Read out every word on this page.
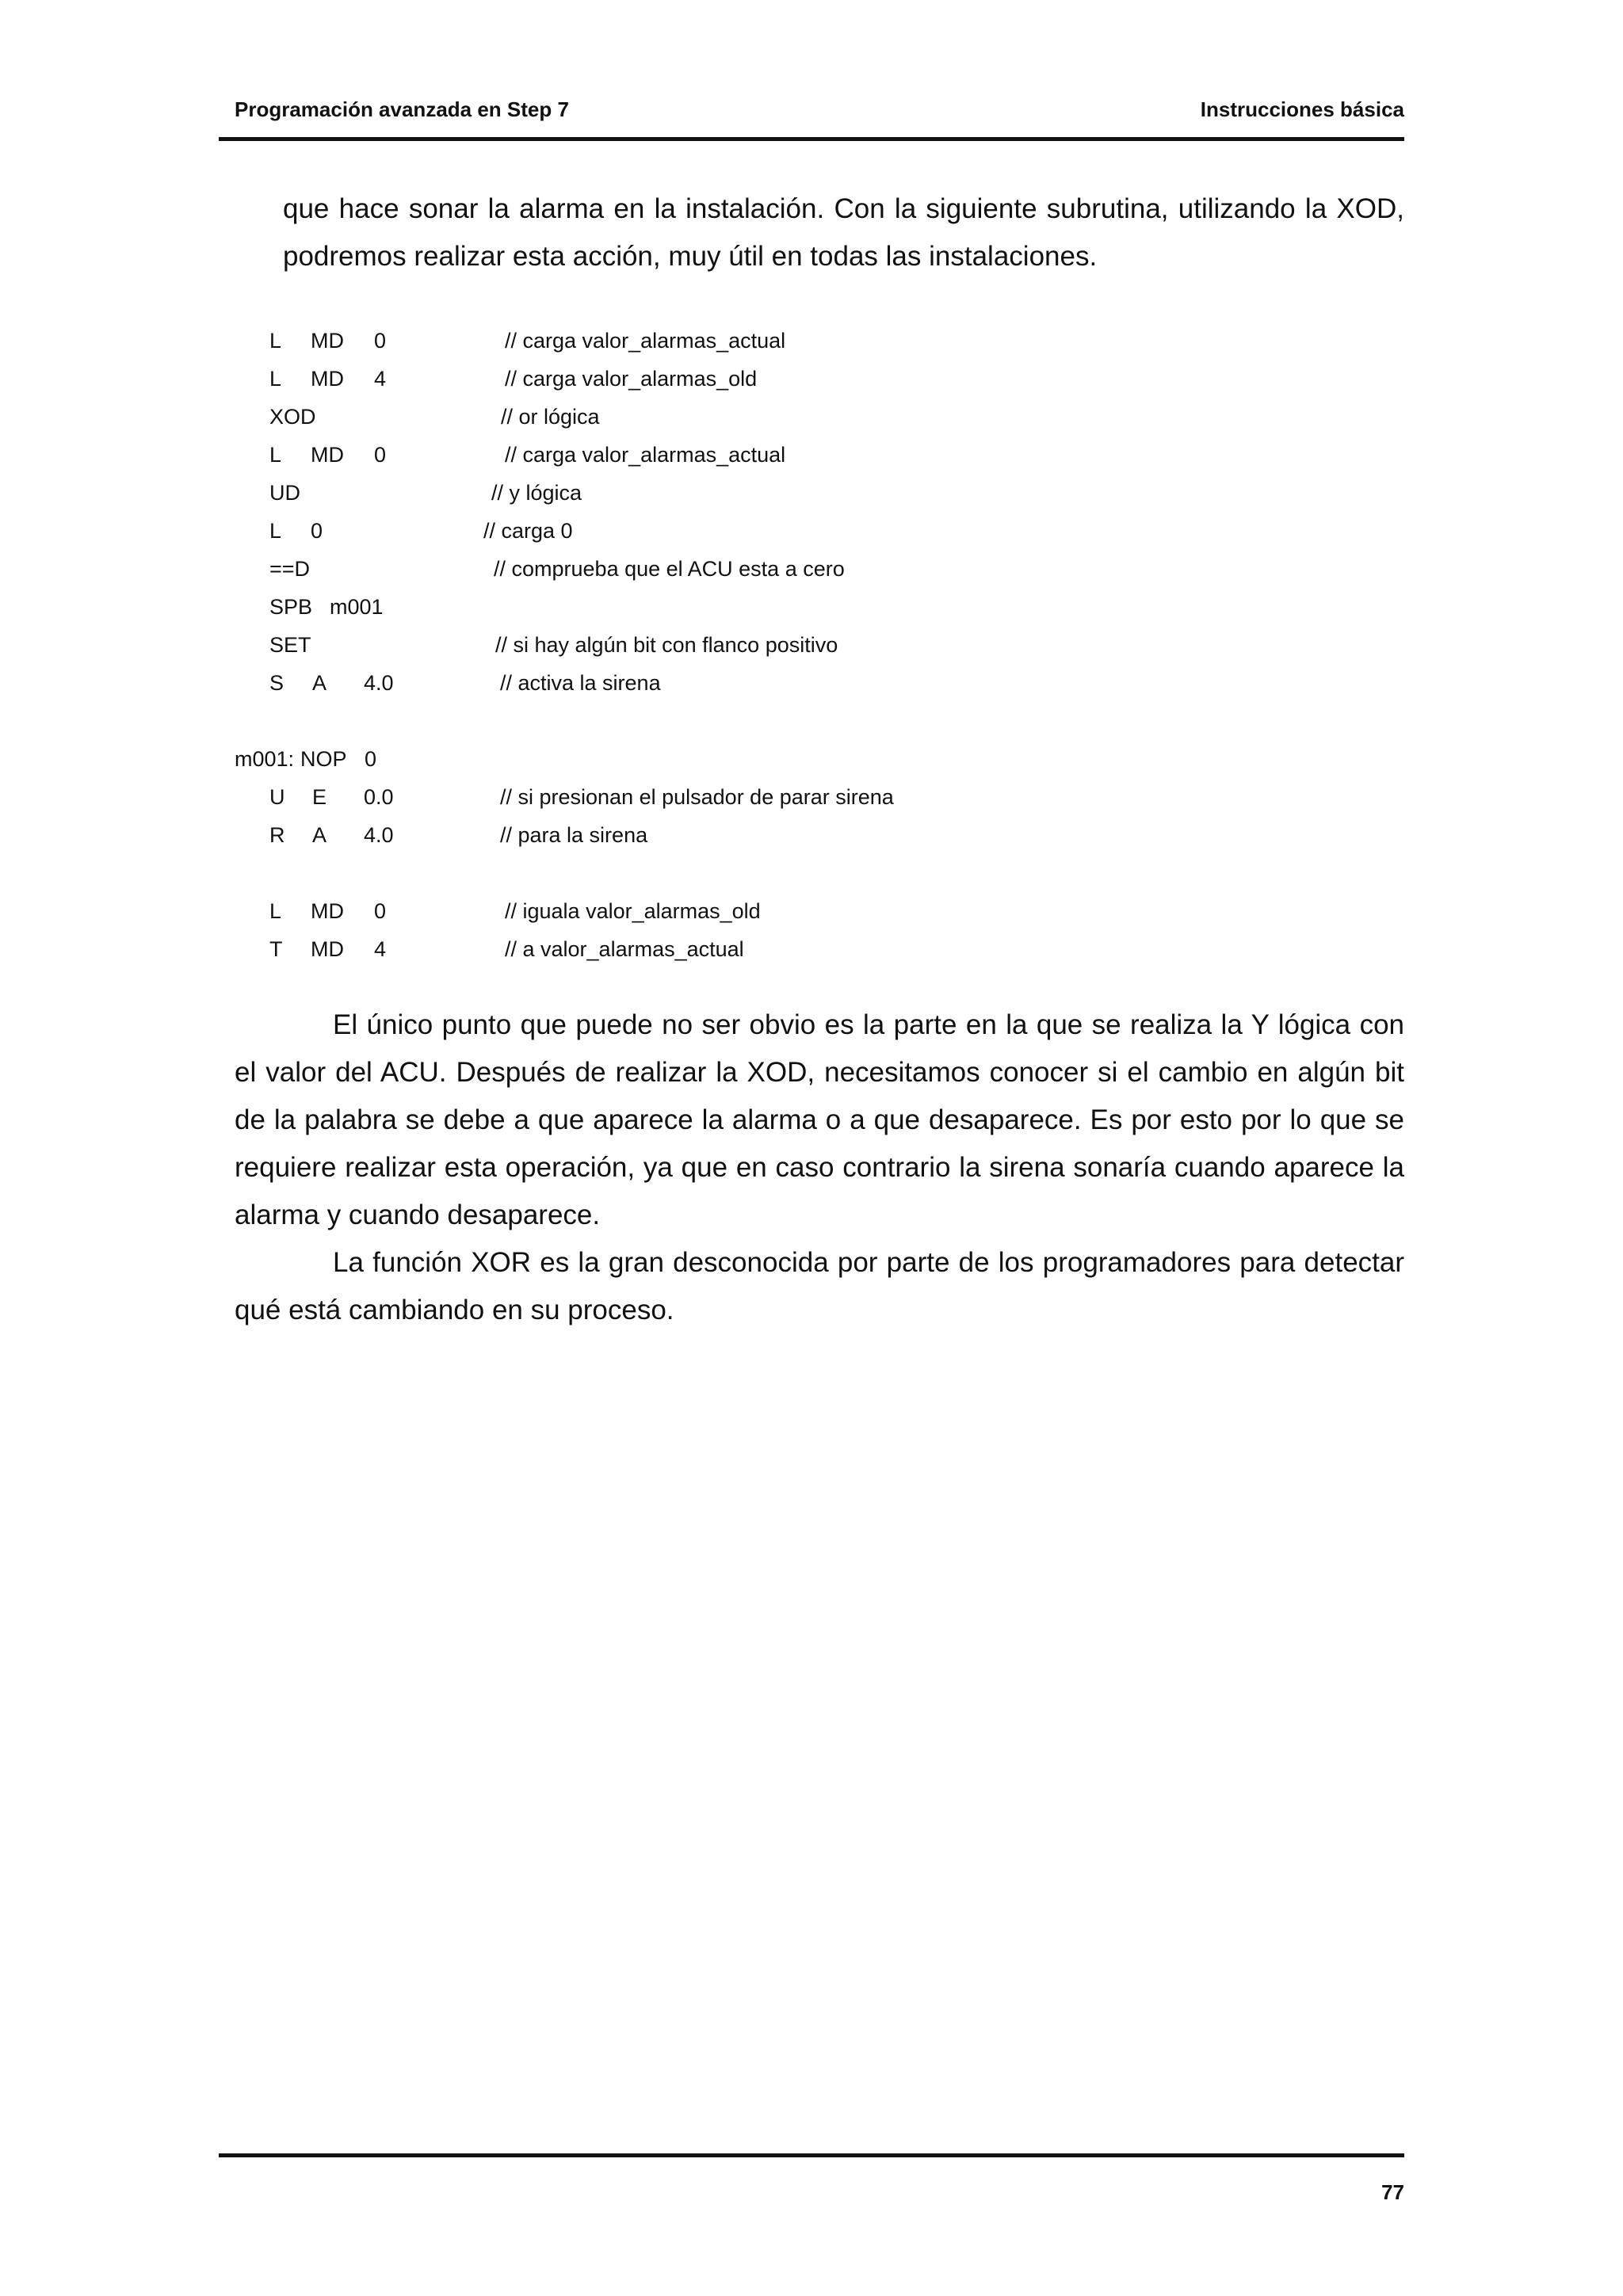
Programación avanzada en Step 7	Instrucciones básica

que hace sonar la alarma en la instalación. Con la siguiente subrutina, utilizando la XOD, podremos realizar esta acción, muy útil en todas las instalaciones.

L MD 0	// carga valor_alarmas_actual
L MD 4	// carga valor_alarmas_old
XOD	// or lógica
L MD 0	// carga valor_alarmas_actual
UD	// y lógica
L 0	// carga 0
==D	// comprueba que el ACU esta a cero
SPB m001
SET	// si hay algún bit con flanco positivo
S A 4.0	// activa la sirena
m001: NOP 0
U E 0.0	// si presionan el pulsador de parar sirena
R A 4.0	// para la sirena
L MD 0	// iguala valor_alarmas_old
T MD 4	// a valor_alarmas_actual

El único punto que puede no ser obvio es la parte en la que se realiza la Y lógica con el valor del ACU. Después de realizar la XOD, necesitamos conocer si el cambio en algún bit de la palabra se debe a que aparece la alarma o a que desaparece. Es por esto por lo que se requiere realizar esta operación, ya que en caso contrario la sirena sonaría cuando aparece la alarma y cuando desaparece.

La función XOR es la gran desconocida por parte de los programadores para detectar qué está cambiando en su proceso.

77
